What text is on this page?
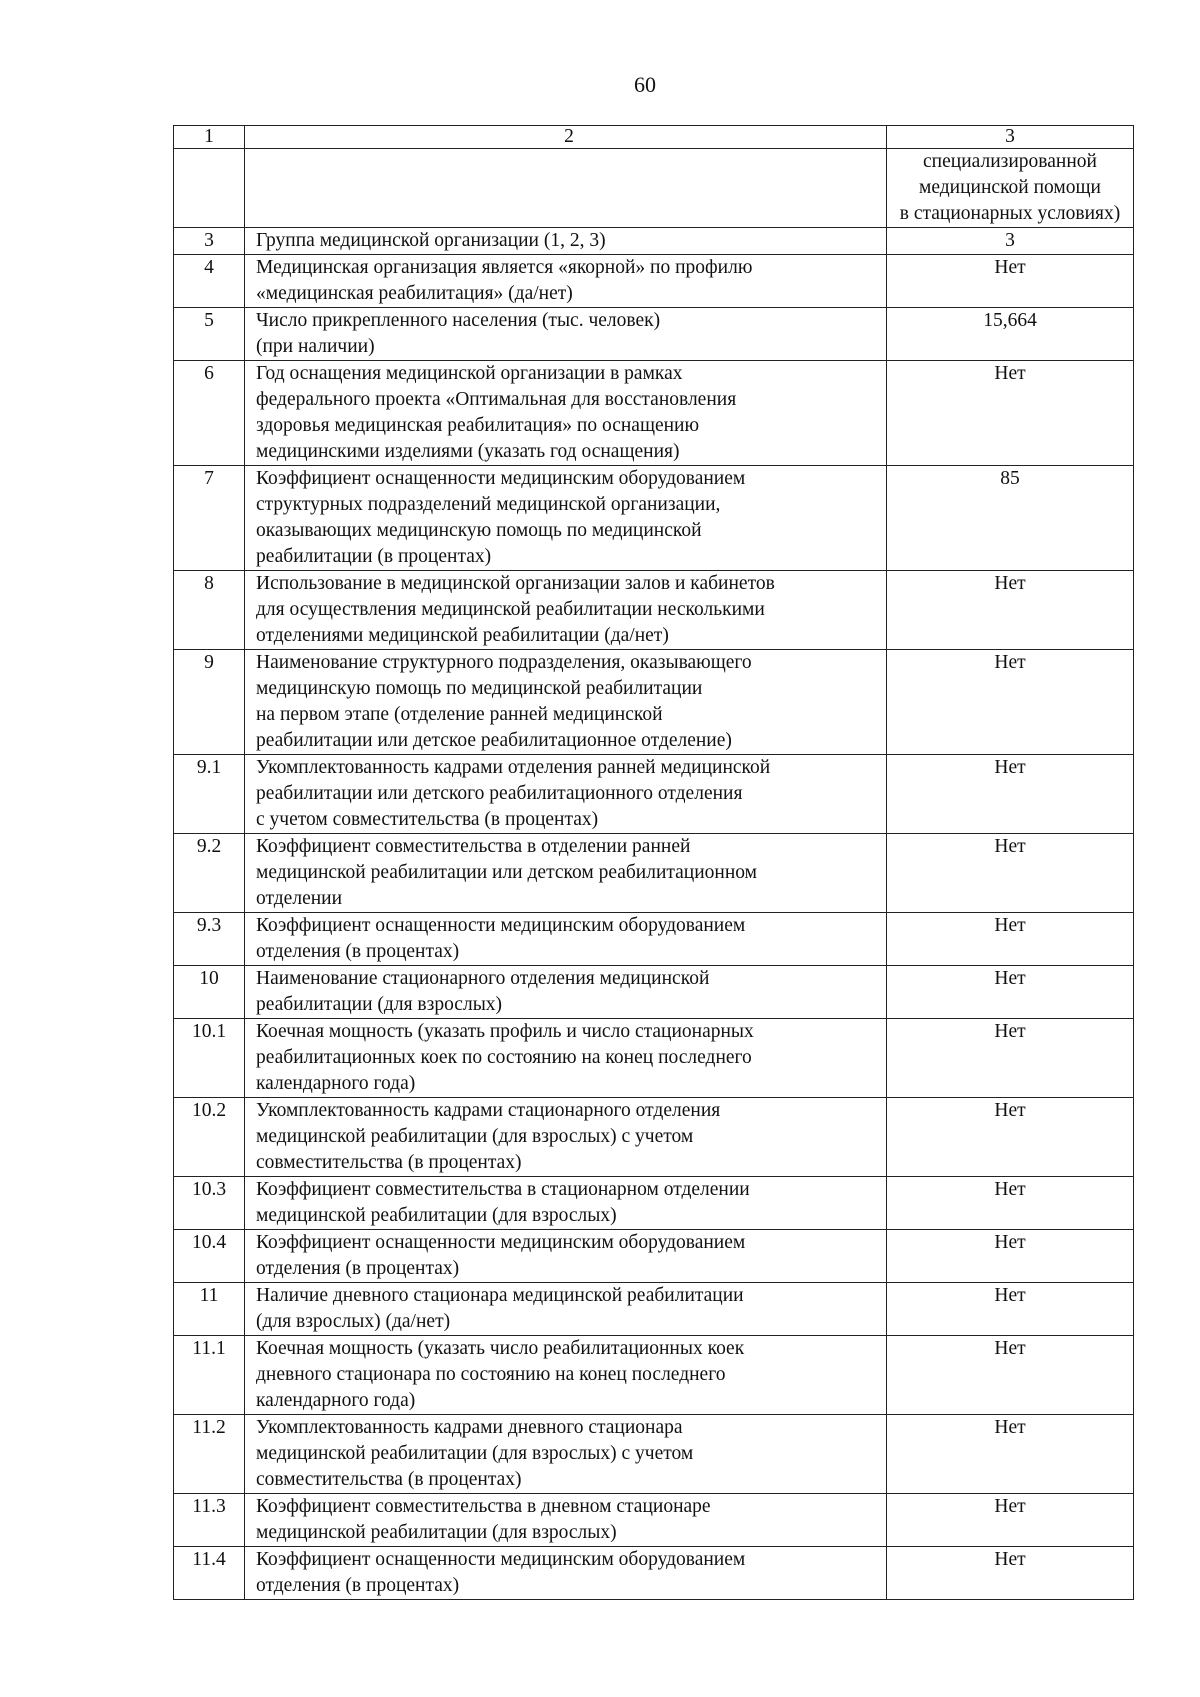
60
1	2	3
		специализированной
медицинской помощи
в стационарных условиях)
3	Группа медицинской организации (1, 2, 3)	3
4	Медицинская организация является «якорной» по профилю
«медицинская реабилитация» (да/нет)	Нет
5	Число прикрепленного населения (тыс. человек)
(при наличии)	15,664
6	Год оснащения медицинской организации в рамках
федерального проекта «Оптимальная для восстановления
здоровья медицинская реабилитация» по оснащению
медицинскими изделиями (указать год оснащения)	Нет
7	Коэффициент оснащенности медицинским оборудованием
структурных подразделений медицинской организации,
оказывающих медицинскую помощь по медицинской
реабилитации (в процентах)	85
8	Использование в медицинской организации залов и кабинетов
для осуществления медицинской реабилитации несколькими
отделениями медицинской реабилитации (да/нет)	Нет
9	Наименование структурного подразделения, оказывающего
медицинскую помощь по медицинской реабилитации
на первом этапе (отделение ранней медицинской
реабилитации или детское реабилитационное отделение)	Нет
9.1	Укомплектованность кадрами отделения ранней медицинской
реабилитации или детского реабилитационного отделения
с учетом совместительства (в процентах)	Нет
9.2	Коэффициент совместительства в отделении ранней
медицинской реабилитации или детском реабилитационном
отделении	Нет
9.3	Коэффициент оснащенности медицинским оборудованием
отделения (в процентах)	Нет
10	Наименование стационарного отделения медицинской
реабилитации (для взрослых)	Нет
10.1	Коечная мощность (указать профиль и число стационарных
реабилитационных коек по состоянию на конец последнего
календарного года)	Нет
10.2	Укомплектованность кадрами стационарного отделения
медицинской реабилитации (для взрослых) с учетом
совместительства (в процентах)	Нет
10.3	Коэффициент совместительства в стационарном отделении
медицинской реабилитации (для взрослых)	Нет
10.4	Коэффициент оснащенности медицинским оборудованием
отделения (в процентах)	Нет
11	Наличие дневного стационара медицинской реабилитации
(для взрослых) (да/нет)	Нет
11.1	Коечная мощность (указать число реабилитационных коек
дневного стационара по состоянию на конец последнего
календарного года)	Нет
11.2	Укомплектованность кадрами дневного стационара
медицинской реабилитации (для взрослых) с учетом
совместительства (в процентах)	Нет
11.3	Коэффициент совместительства в дневном стационаре
медицинской реабилитации (для взрослых)	Нет
11.4	Коэффициент оснащенности медицинским оборудованием
отделения (в процентах)	Нет
